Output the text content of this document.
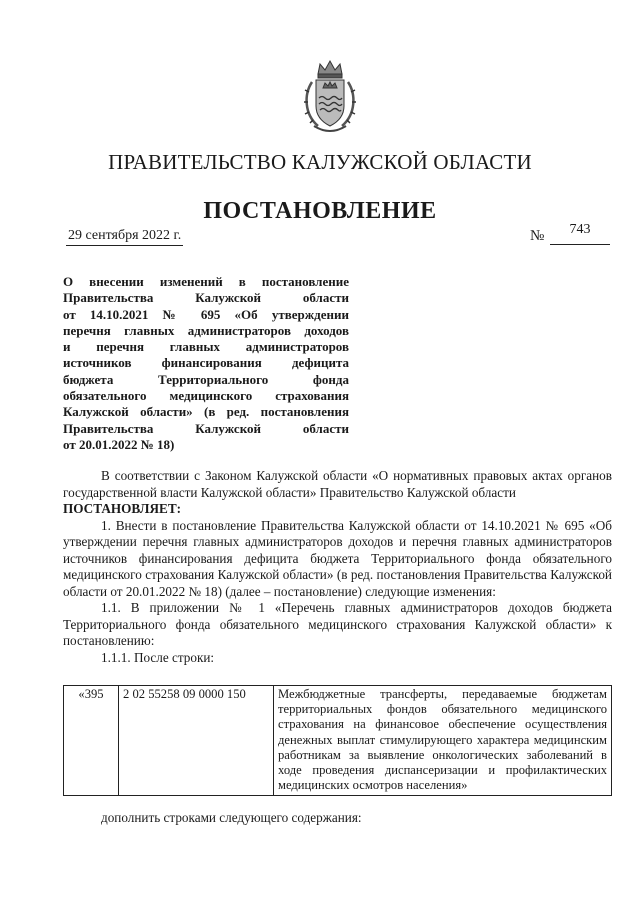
ПРАВИТЕЛЬСТВО КАЛУЖСКОЙ ОБЛАСТИ
ПОСТАНОВЛЕНИЕ
29 сентября 2022 г.	№	743
О внесении изменений в постановление
Правительства Калужской области
от 14.10.2021 № 695 «Об утверждении
перечня главных администраторов доходов
и перечня главных администраторов
источников финансирования дефицита
бюджета Территориального фонда
обязательного медицинского страхования
Калужской области» (в ред. постановления
Правительства Калужской области
от 20.01.2022 № 18)

В соответствии с Законом Калужской области «О нормативных правовых актах органов государственной власти Калужской области» Правительство Калужской области

ПОСТАНОВЛЯЕТ:

1. Внести в постановление Правительства Калужской области от 14.10.2021 № 695 «Об утверждении перечня главных администраторов доходов и перечня главных администраторов источников финансирования дефицита бюджета Территориального фонда обязательного медицинского страхования Калужской области» (в ред. постановления Правительства Калужской области от 20.01.2022 № 18) (далее – постановление) следующие изменения:

1.1. В приложении № 1 «Перечень главных администраторов доходов бюджета Территориального фонда обязательного медицинского страхования Калужской области» к постановлению:

1.1.1. После строки:

«395	2 02 55258 09 0000 150	Межбюджетные трансферты, передаваемые бюджетам территориальных фондов обязательного медицинского страхования на финансовое обеспечение осуществления денежных выплат стимулирующего характера медицинским работникам за выявление онкологических заболеваний в ходе проведения диспансеризации и профилактических медицинских осмотров населения»
дополнить строками следующего содержания:
